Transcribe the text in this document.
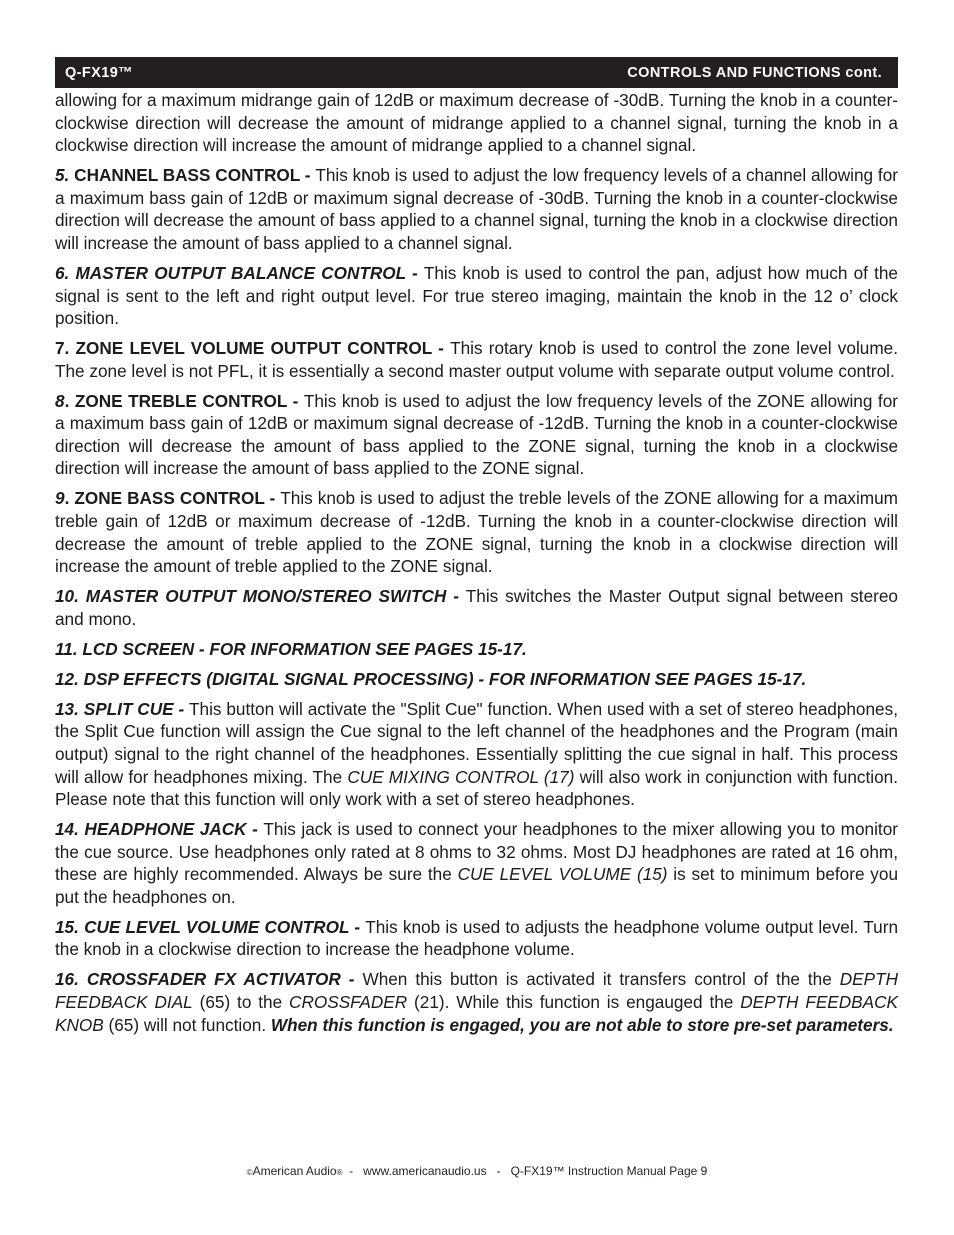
Q-FX19™	CONTROLS AND FUNCTIONS cont.

allowing for a maximum midrange gain of 12dB or maximum decrease of -30dB. Turning the knob in a counter-clockwise direction will decrease the amount of midrange applied to a channel signal, turning the knob in a clockwise direction will increase the amount of midrange applied to a channel signal.

5. CHANNEL BASS CONTROL - This knob is used to adjust the low frequency levels of a channel allowing for a maximum bass gain of 12dB or maximum signal decrease of -30dB. Turning the knob in a counter-clockwise direction will decrease the amount of bass applied to a channel signal, turning the knob in a clockwise direction will increase the amount of bass applied to a channel signal.

6. MASTER OUTPUT BALANCE CONTROL - This knob is used to control the pan, adjust how much of the signal is sent to the left and right output level. For true stereo imaging, maintain the knob in the 12 o’ clock position.

7. ZONE LEVEL VOLUME OUTPUT CONTROL - This rotary knob is used to control the zone level volume. The zone level is not PFL, it is essentially a second master output volume with separate output volume control.

8. ZONE TREBLE CONTROL - This knob is used to adjust the low frequency levels of the ZONE allowing for a maximum bass gain of 12dB or maximum signal decrease of -12dB. Turning the knob in a counter-clockwise direction will decrease the amount of bass applied to the ZONE signal, turning the knob in a clockwise direction will increase the amount of bass applied to the ZONE signal.

9. ZONE BASS CONTROL - This knob is used to adjust the treble levels of the ZONE allowing for a maximum treble gain of 12dB or maximum decrease of -12dB. Turning the knob in a counter-clockwise direction will decrease the amount of treble applied to the ZONE signal, turning the knob in a clockwise direction will increase the amount of treble applied to the ZONE signal.

10. MASTER OUTPUT MONO/STEREO SWITCH - This switches the Master Output signal between stereo and mono.

11. LCD SCREEN - FOR INFORMATION SEE PAGES 15-17.

12. DSP EFFECTS (DIGITAL SIGNAL PROCESSING) - FOR INFORMATION SEE PAGES 15-17.

13. SPLIT CUE - This button will activate the "Split Cue" function. When used with a set of stereo headphones, the Split Cue function will assign the Cue signal to the left channel of the headphones and the Program (main output) signal to the right channel of the headphones. Essentially splitting the cue signal in half. This process will allow for headphones mixing. The CUE MIXING CONTROL (17) will also work in conjunction with function. Please note that this function will only work with a set of stereo headphones.

14. HEADPHONE JACK - This jack is used to connect your headphones to the mixer allowing you to monitor the cue source. Use headphones only rated at 8 ohms to 32 ohms. Most DJ headphones are rated at 16 ohm, these are highly recommended. Always be sure the CUE LEVEL VOLUME (15) is set to minimum before you put the headphones on.

15. CUE LEVEL VOLUME CONTROL - This knob is used to adjusts the headphone volume output level. Turn the knob in a clockwise direction to increase the headphone volume.

16. CROSSFADER FX ACTIVATOR - When this button is activated it transfers control of the the DEPTH FEEDBACK DIAL (65) to the CROSSFADER (21). While this function is engauged the DEPTH FEEDBACK KNOB (65) will not function. When this function is engaged, you are not able to store pre-set parameters.

©American Audio®  -   www.americanaudio.us   -   Q-FX19™ Instruction Manual Page 9
